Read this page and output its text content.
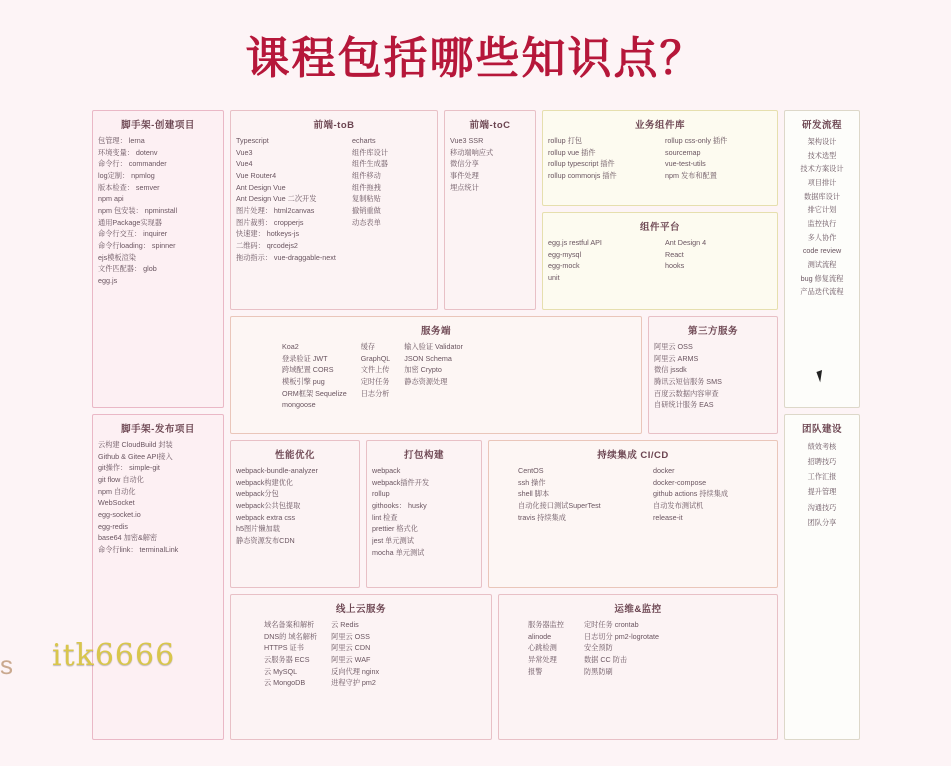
课程包括哪些知识点？
脚手架-创建项目
包管理： lerna
环境变量： dotenv
命令行： commander
log定制： npmlog
版本检查： semver
npm api
npm 包安装： npminstall
通用Package实现器
命令行交互： inquirer
命令行loading： spinner
ejs模板渲染
文件匹配器： glob
egg.js
脚手架-发布项目
云构建 CloudBuild 封装
Github & Gitee API接入
git操作： simple-git
git flow 自动化
npm 自动化
WebSocket
egg-socket.io
egg-redis
base64 加密&解密
命令行link： terminalLink
前端-toB
Typescript
Vue3
Vue4
Vue Router4
Ant Design Vue
Ant Design Vue 二次开发
图片处理： html2canvas
图片裁剪： cropperjs
快速建： hotkeys-js
二维码： qrcodejs2
拖动指示： vue-draggable-next
echarts
组件库设计
组件生成器
组件移动
组件拖拽
复制粘贴
撤销重做
动态表单
前端-toC
Vue3 SSR
移动端响应式
微信分享
事件处理
埋点统计
业务组件库
rollup 打包
rollup vue 插件
rollup typescript 插件
rollup commonjs 插件
rollup css-only 插件
sourcemap
vue-test-utils
npm 发布和配置
组件平台
egg.js restful API
egg-mysql
egg-mock
unit
Ant Design 4
React
hooks
服务端
Koa2
登录验证 JWT
跨域配置 CORS
模板引擎 pug
ORM框架 Sequelize
mongoose
缓存
GraphQL
文件上传
定时任务
日志分析
输入验证 Validator
JSON Schema
加密 Crypto
静态资源处理
第三方服务
阿里云 OSS
阿里云 ARMS
微信 jssdk
腾讯云短信服务 SMS
百度云数据内容审查
自研统计服务 EAS
性能优化
webpack-bundle-analyzer
webpack构建优化
webpack分包
webpack公共包提取
webpack extra css
h5图片懒加载
静态资源发布CDN
打包构建
webpack
webpack插件开发
rollup
githooks： husky
lint 检查
prettier 格式化
jest 单元测试
mocha 单元测试
持续集成 CI/CD
CentOS
ssh 操作
shell 脚本
自动化接口测试SuperTest
travis 持续集成
docker
docker-compose
github actions 持续集成
自动发布测试机
release-it
线上云服务
域名备案和解析
DNS的 域名解析
HTTPS 证书
云服务器 ECS
云 MySQL
云 MongoDB
云 Redis
阿里云 OSS
阿里云 CDN
阿里云 WAF
反向代理 nginx
进程守护 pm2
运维&监控
服务器监控
alinode
心跳检测
异常处理
报警
定时任务 crontab
日志切分 pm2-logrotate
安全预防
数据 CC 防击
防黑防刷
研发流程
架构设计
技术选型
技术方案设计
项目排计
数据库设计
排它计划
监控执行
多人协作
code review
测试流程
bug 修复流程
产品迭代流程
团队建设
绩效考核
招聘技巧
工作汇报
提升管理
沟通技巧
团队分享
s itk6666
